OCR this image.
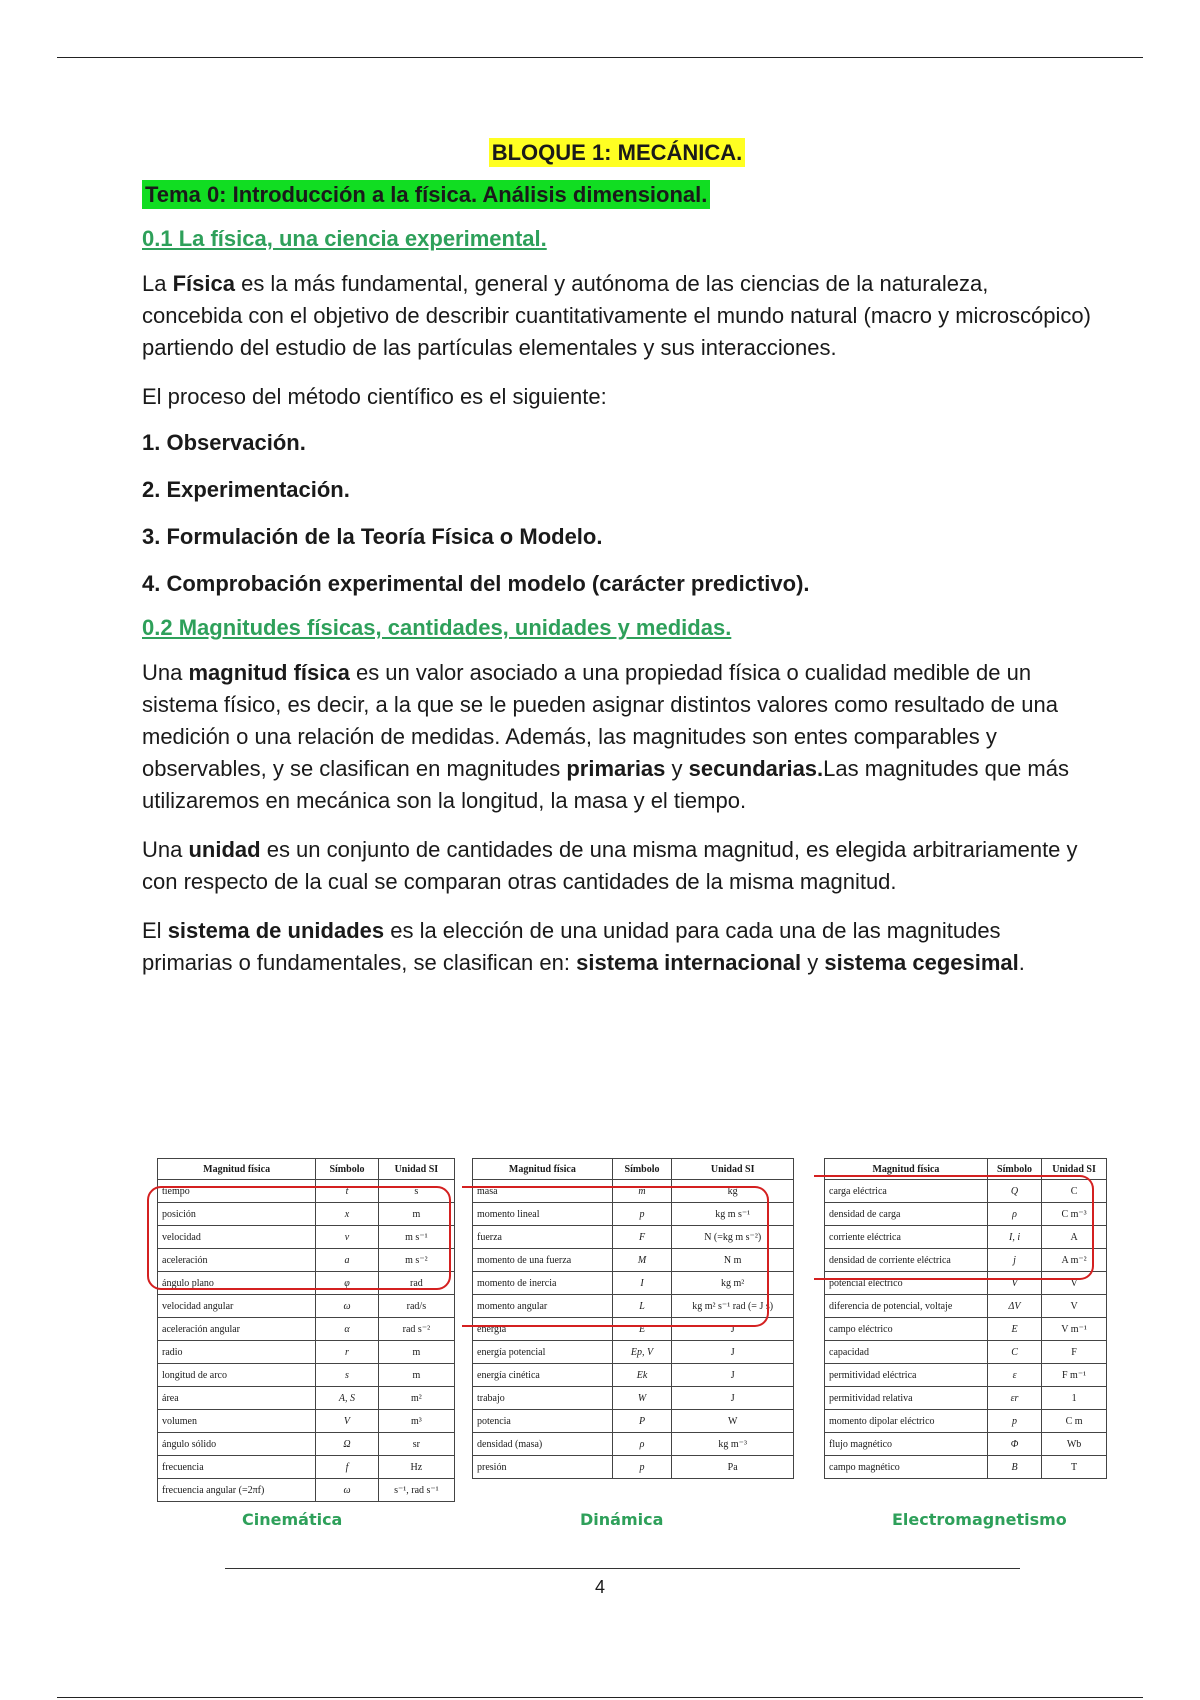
BLOQUE 1: MECÁNICA.
Tema 0: Introducción a la física. Análisis dimensional.
0.1 La física, una ciencia experimental.
La Física es la más fundamental, general y autónoma de las ciencias de la naturaleza, concebida con el objetivo de describir cuantitativamente el mundo natural (macro y microscópico) partiendo del estudio de las partículas elementales y sus interacciones.
El proceso del método científico es el siguiente:
1. Observación.
2. Experimentación.
3. Formulación de la Teoría Física o Modelo.
4. Comprobación experimental del modelo (carácter predictivo).
0.2 Magnitudes físicas, cantidades, unidades y medidas.
Una magnitud física es un valor asociado a una propiedad física o cualidad medible de un sistema físico, es decir, a la que se le pueden asignar distintos valores como resultado de una medición o una relación de medidas. Además, las magnitudes son entes comparables y observables, y se clasifican en magnitudes primarias y secundarias.Las magnitudes que más utilizaremos en mecánica son la longitud, la masa y el tiempo.
Una unidad es un conjunto de cantidades de una misma magnitud, es elegida arbitrariamente y con respecto de la cual se comparan otras cantidades de la misma magnitud.
El sistema de unidades es la elección de una unidad para cada una de las magnitudes primarias o fundamentales, se clasifican en: sistema internacional y sistema cegesimal.
Magnitud física	Símbolo	Unidad SI
tiempo	t	s
posición	x	m
velocidad	v	m s⁻¹
aceleración	a	m s⁻²
ángulo plano	φ	rad
velocidad angular	ω	rad/s
aceleración angular	α	rad s⁻²
radio	r	m
longitud de arco	s	m
área	A, S	m²
volumen	V	m³
ángulo sólido	Ω	sr
frecuencia	f	Hz
frecuencia angular (=2πf)	ω	s⁻¹, rad s⁻¹
Magnitud física	Símbolo	Unidad SI
masa	m	kg
momento lineal	p	kg m s⁻¹
fuerza	F	N (=kg m s⁻²)
momento de una fuerza	M	N m
momento de inercia	I	kg m²
momento angular	L	kg m² s⁻¹ rad (= J s)
energía	E	J
energía potencial	Ep, V	J
energía cinética	Ek	J
trabajo	W	J
potencia	P	W
densidad (masa)	ρ	kg m⁻³
presión	p	Pa
Magnitud física	Símbolo	Unidad SI
carga eléctrica	Q	C
densidad de carga	ρ	C m⁻³
corriente eléctrica	I, i	A
densidad de corriente eléctrica	j	A m⁻²
potencial eléctrico	V	V
diferencia de potencial, voltaje	ΔV	V
campo eléctrico	E	V m⁻¹
capacidad	C	F
permitividad eléctrica	ε	F m⁻¹
permitividad relativa	εr	1
momento dipolar eléctrico	p	C m
flujo magnético	Φ	Wb
campo magnético	B	T
Cinemática	Dinámica	Electromagnetismo
4
